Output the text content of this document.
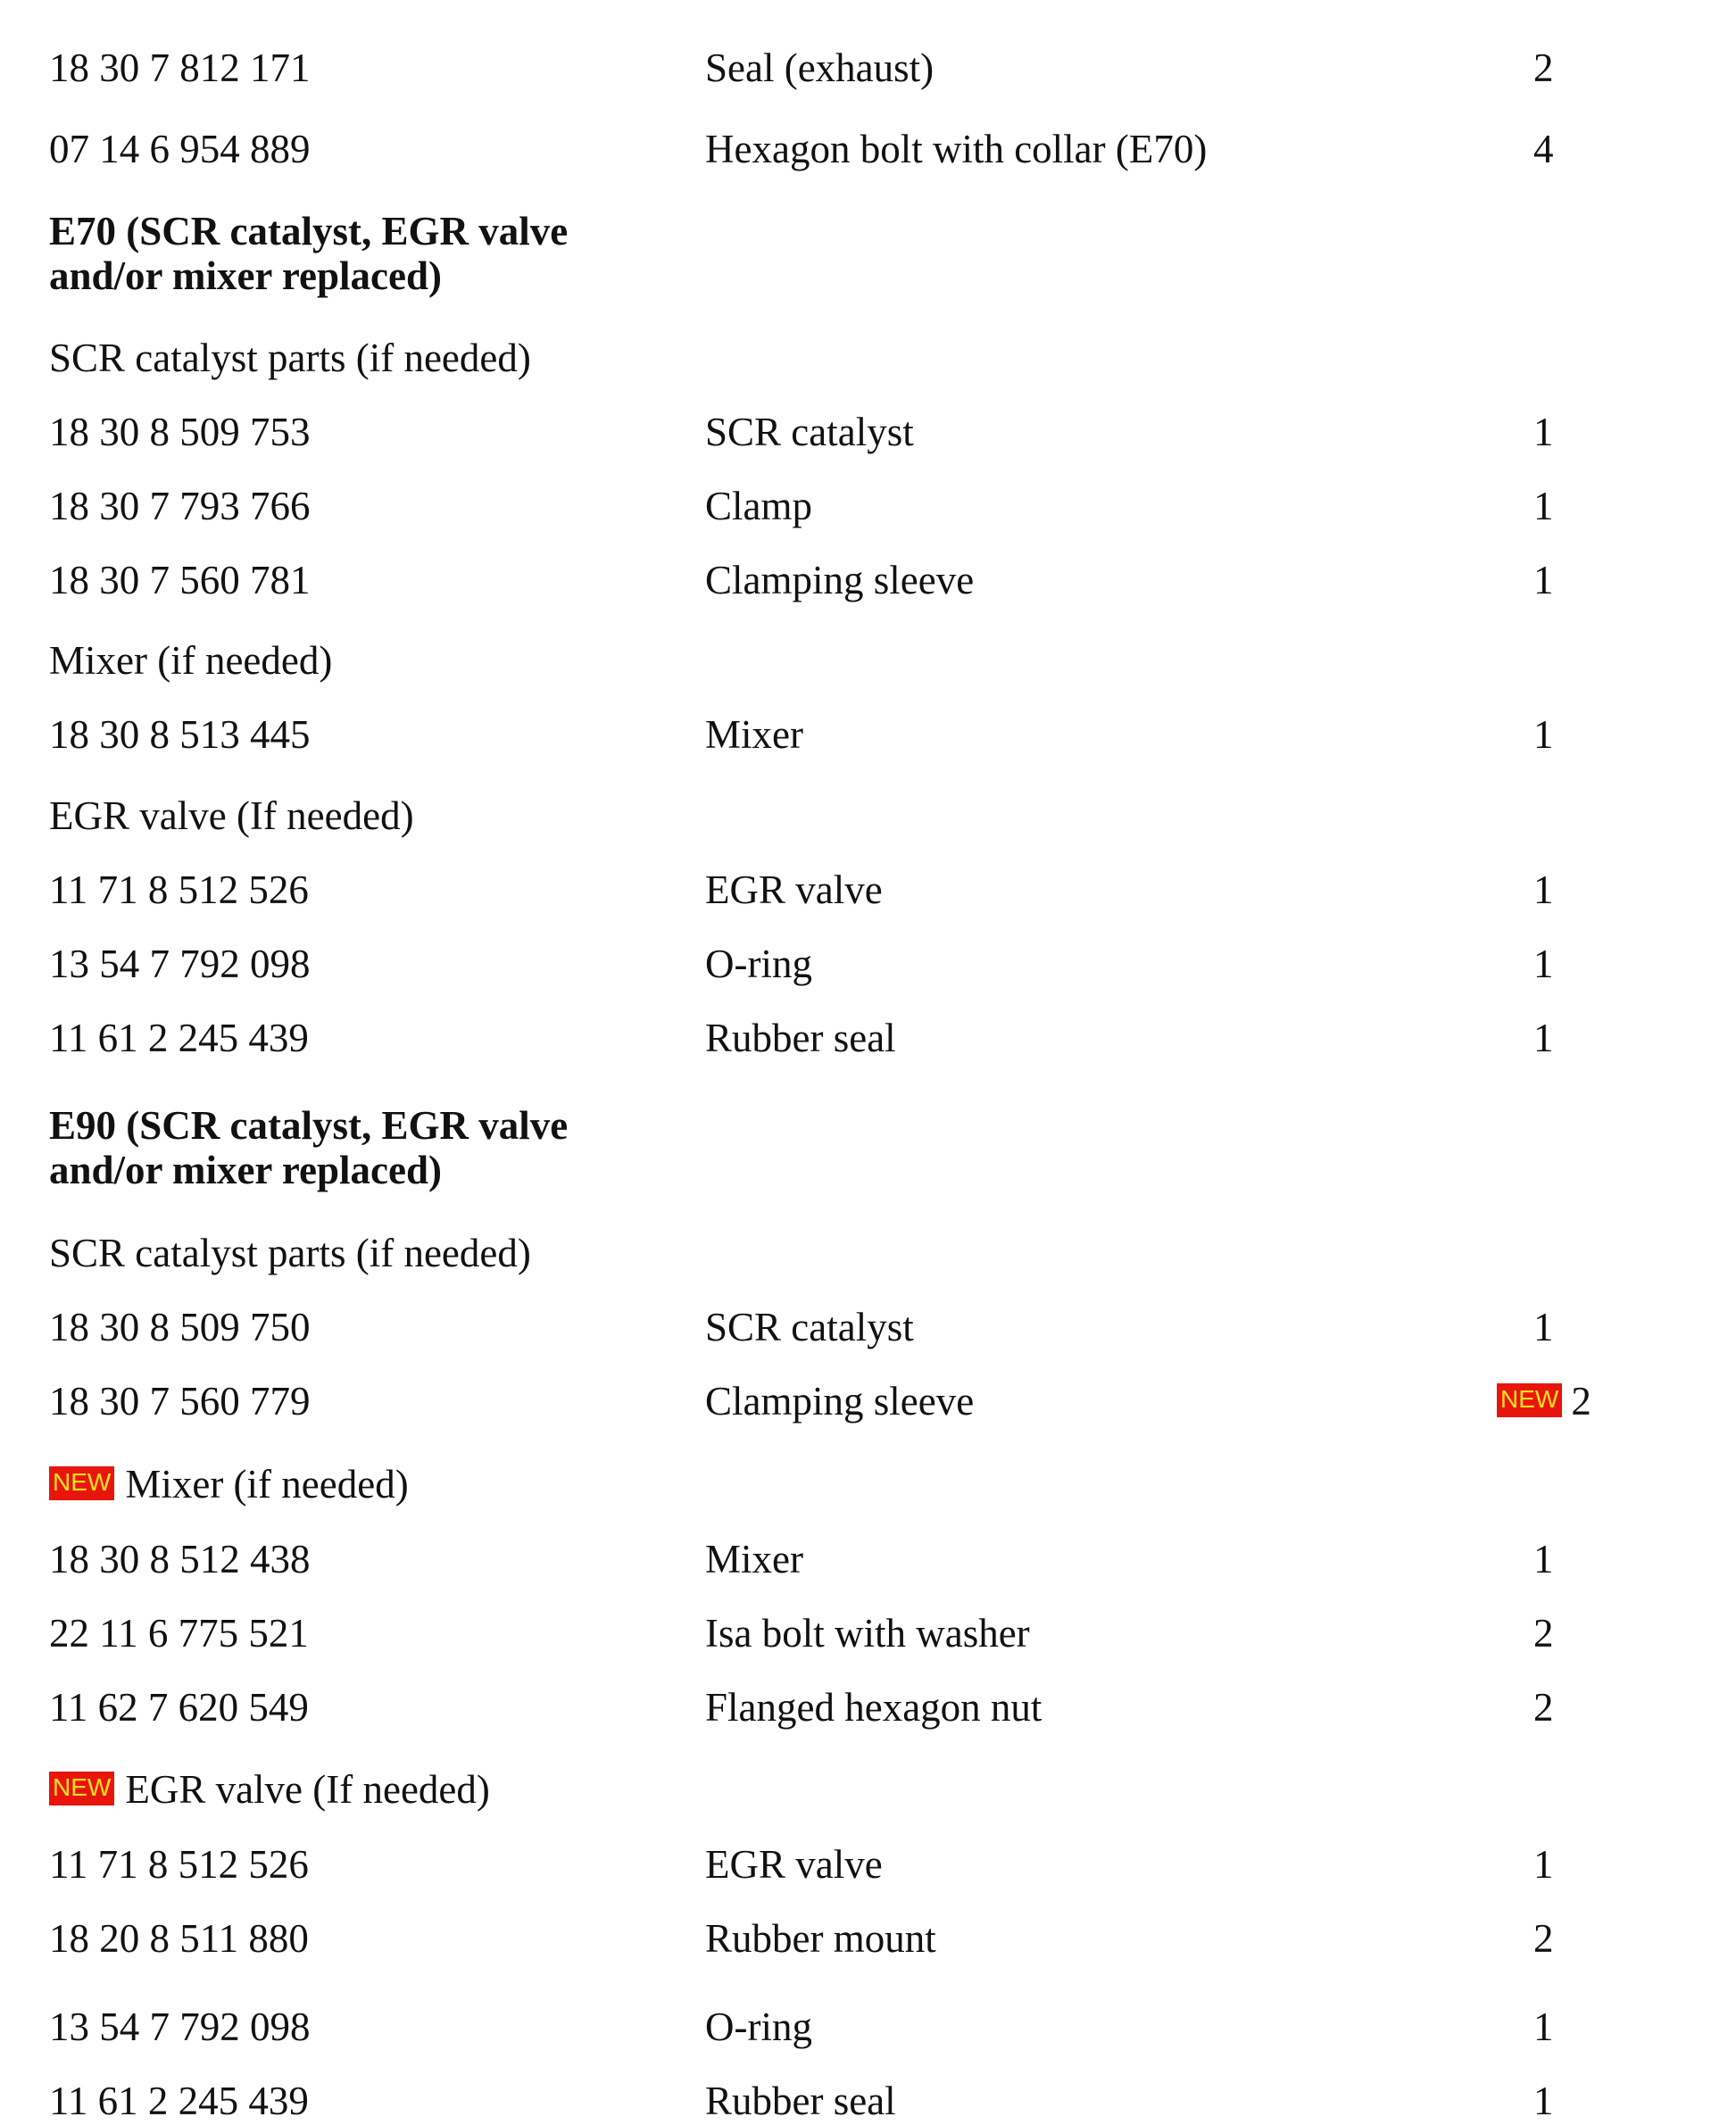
18 30 7 812 171	Seal (exhaust)	2
07 14 6 954 889	Hexagon bolt with collar (E70)	4
E70 (SCR catalyst, EGR valve
and/or mixer replaced)
SCR catalyst parts (if needed)
18 30 8 509 753	SCR catalyst	1
18 30 7 793 766	Clamp	1
18 30 7 560 781	Clamping sleeve	1
Mixer (if needed)
18 30 8 513 445	Mixer	1
EGR valve (If needed)
11 71 8 512 526	EGR valve	1
13 54 7 792 098	O-ring	1
11 61 2 245 439	Rubber seal	1
E90 (SCR catalyst, EGR valve
and/or mixer replaced)
SCR catalyst parts (if needed)
18 30 8 509 750	SCR catalyst	1
18 30 7 560 779	Clamping sleeve	NEW 2
NEW Mixer (if needed)
18 30 8 512 438	Mixer	1
22 11 6 775 521	Isa bolt with washer	2
11 62 7 620 549	Flanged hexagon nut	2
NEW EGR valve (If needed)
11 71 8 512 526	EGR valve	1
18 20 8 511 880	Rubber mount	2
13 54 7 792 098	O-ring	1
11 61 2 245 439	Rubber seal	1
